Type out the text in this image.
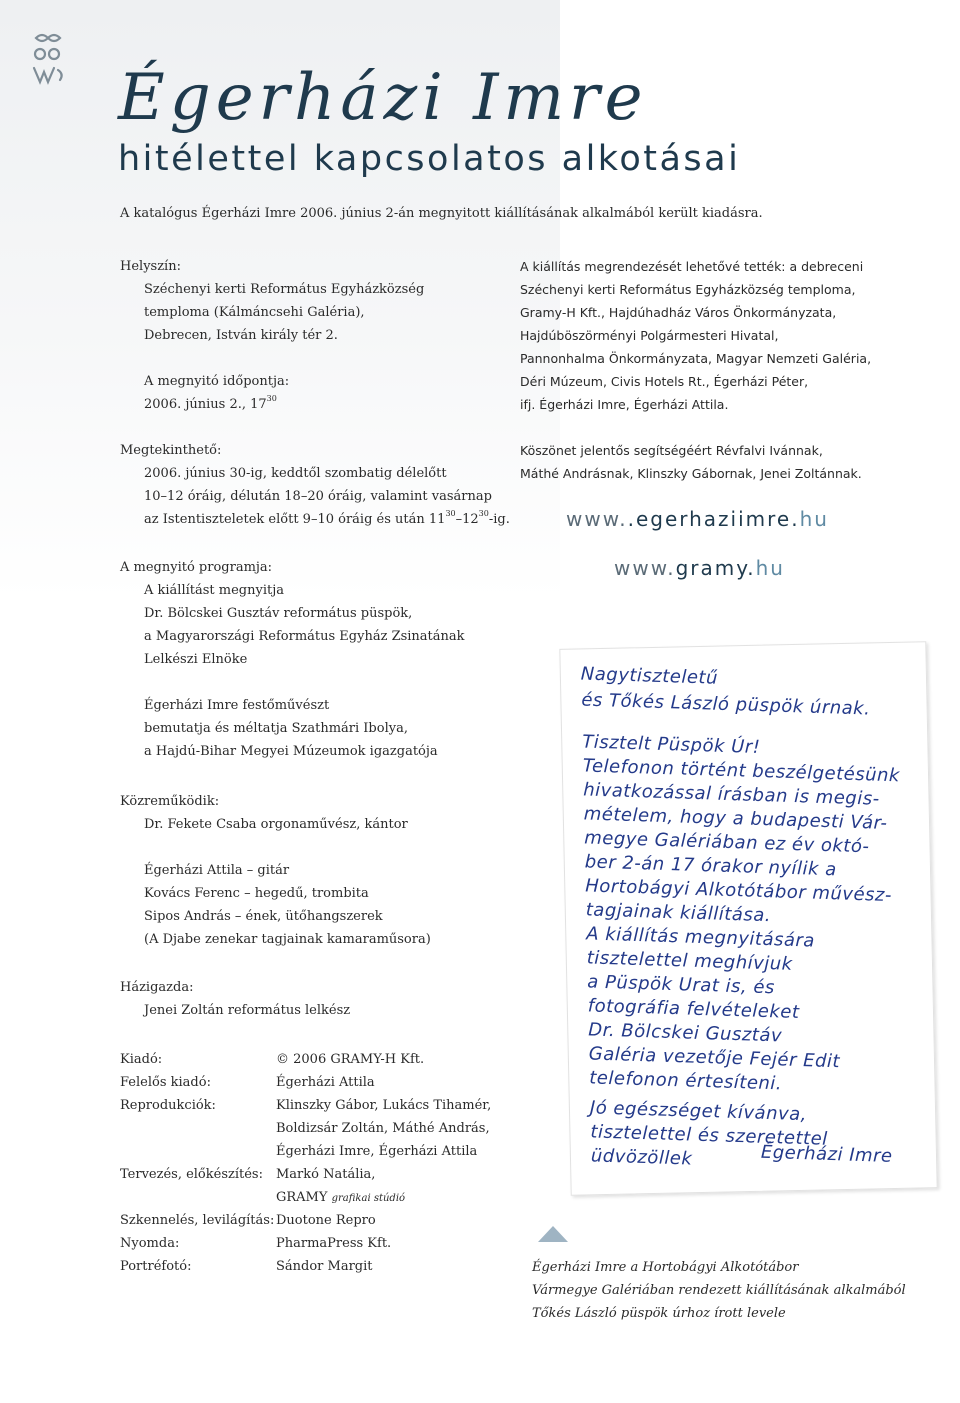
Égerházi Imre
hitélettel kapcsolatos alkotásai
A katalógus Égerházi Imre 2006. június 2-án megnyitott kiállításának alkalmából került kiadásra.
Helyszín:
Széchenyi kerti Református Egyházközség
temploma (Kálmáncsehi Galéria),
Debrecen, István király tér 2.
A megnyitó időpontja:
2006. június 2., $17^{30}$
Megtekinthető:
2006. június 30-ig, keddtől szombatig délelőtt
10–12 óráig, délután 18–20 óráig, valamint vasárnap
az Istentiszteletek előtt 9–10 óráig és után $11^{30}-12^{30}-ig$.
A megnyitó programja:
A kiállítást megnyitja
Dr. Bölcskei Gusztáv református püspök,
a Magyarországi Református Egyház Zsinatának
Lelkészi Elnöke
Égerházi Imre festőművészt
bemutatja és méltatja Szathmári Ibolya,
a Hajdú-Bihar Megyei Múzeumok igazgatója
Közreműködik:
Dr. Fekete Csaba orgonaművész, kántor
Égerházi Attila – gitár
Kovács Ferenc – hegedű, trombita
Sipos András – ének, ütőhangszerek
(A Djabe zenekar tagjainak kamaraműsora)
Házigazda:
Jenei Zoltán református lelkész
Kiadó:	© 2006 GRAMY-H Kft.
Felelős kiadó:	Égerházi Attila
Reprodukciók:	Klinszky Gábor, Lukács Tihamér,
Boldizsár Zoltán, Máthé András,
Égerházi Imre, Égerházi Attila
Tervezés, előkészítés:	Markó Natália,
GRAMY grafikai stúdió
Szkennelés, levilágítás: Duotone Repro
Nyomda:	PharmaPress Kft.
Portréfotó:	Sándor Margit
A kiállítás megrendezését lehetővé tették: a debreceni
Széchenyi kerti Református Egyházközség temploma,
Gramy-H Kft., Hajdúhadház Város Önkormányzata,
Hajdúböszörményi Polgármesteri Hivatal,
Pannonhalma Önkormányzata, Magyar Nemzeti Galéria,
Déri Múzeum, Civis Hotels Rt., Égerházi Péter,
ifj. Égerházi Imre, Égerházi Attila.
Köszönet jelentős segítségéért Révfalvi Ivánnak,
Máthé Andrásnak, Klinszky Gábornak, Jenei Zoltánnak.
www..egerhaziimre.hu
www.gramy.hu
Nagytiszteletű
és Tőkés László püspök úrnak.
Tisztelt Püspök Úr!
Telefonon történt beszélgetésünk
hivatkozással írásban is megis-
mételem, hogy a budapesti Vár-
megye Galériában ez év októ-
ber 2-án 17 órakor nyílik a
Hortobágyi Alkotótábor művész-
tagjainak kiállítása.
A kiállítás megnyitására
tisztelettel meghívjuk
a Püspök Urat is, és
fotográfia felvételeket
Dr. Bölcskei Gusztáv
Galéria vezetője Fejér Edit
telefonon értesíteni.
Jó egészséget kívánva,
tisztelettel és szeretettel
üdvözöllek	Égerházi Imre
Égerházi Imre a Hortobágyi Alkotótábor
Vármegye Galériában rendezett kiállításának alkalmából
Tőkés László püspök úrhoz írott levele
